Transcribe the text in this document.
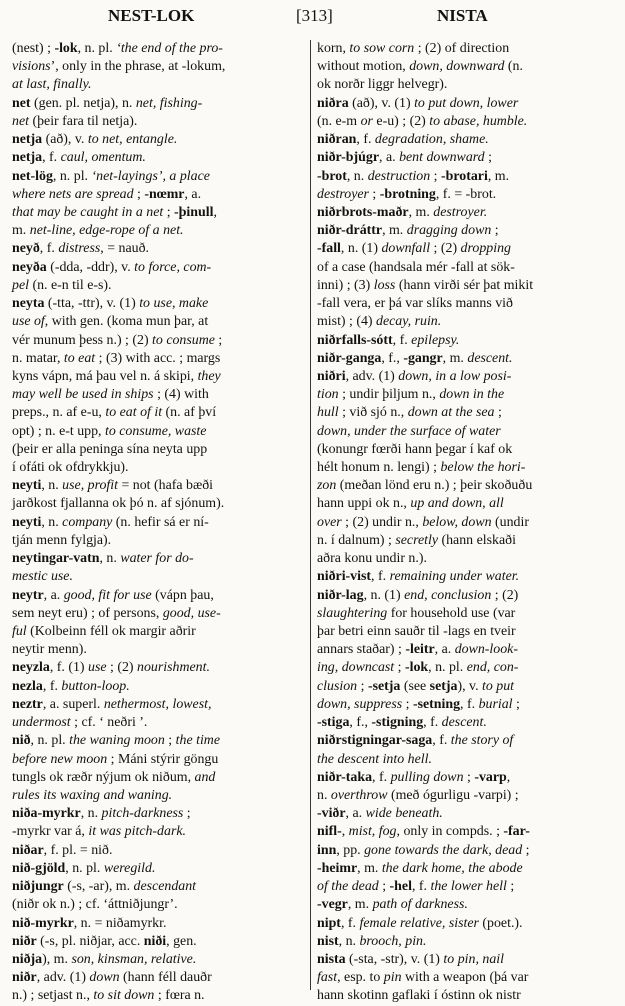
NEST-LOK	[313]	NISTA
(nest) ; -lok, n. pl. ‘the end of the pro-
visions’, only in the phrase, at -lokum,
at last, finally.
net (gen. pl. netja), n. net, fishing-
net (þeir fara til netja).
netja (að), v. to net, entangle.
netja, f. caul, omentum.
net-lög, n. pl. ‘net-layings’, a place
where nets are spread ; -nœmr, a.
that may be caught in a net ; -þinull,
m. net-line, edge-rope of a net.
neyð, f. distress, = nauð.
neyða (-dda, -ddr), v. to force, com-
pel (n. e-n til e-s).
neyta (-tta, -ttr), v. (1) to use, make
use of, with gen. (koma mun þar, at
vér munum þess n.) ; (2) to consume ;
n. matar, to eat ; (3) with acc. ; margs
kyns vápn, má þau vel n. á skipi, they
may well be used in ships ; (4) with
preps., n. af e-u, to eat of it (n. af því
opt) ; n. e-t upp, to consume, waste
(þeir er alla peninga sína neyta upp
í ofáti ok ofdrykkju).
neyti, n. use, profit = not (hafa bæði
jarðkost fjallanna ok þó n. af sjónum).
neyti, n. company (n. hefir sá er ní-
tján menn fylgja).
neytingar-vatn, n. water for do-
mestic use.
neytr, a. good, fit for use (vápn þau,
sem neyt eru) ; of persons, good, use-
ful (Kolbeinn féll ok margir aðrir
neytir menn).
neyzla, f. (1) use ; (2) nourishment.
nezla, f. button-loop.
neztr, a. superl. nethermost, lowest,
undermost ; cf. ‘ neðri ’.
nið, n. pl. the waning moon ; the time
before new moon ; Máni stýrir göngu
tungls ok ræðr nýjum ok niðum, and
rules its waxing and waning.
niða-myrkr, n. pitch-darkness ;
-myrkr var á, it was pitch-dark.
niðar, f. pl. = nið.
nið-gjöld, n. pl. weregild.
niðjungr (-s, -ar), m. descendant
(niðr ok n.) ; cf. ‘áttniðjungr’.
nið-myrkr, n. = niðamyrkr.
niðr (-s, pl. niðjar, acc. niði, gen.
niðja), m. son, kinsman, relative.
niðr, adv. (1) down (hann féll dauðr
n.) ; setjast n., to sit down ; fœra n.
korn, to sow corn ; (2) of direction
without motion, down, downward (n.
ok norðr liggr helvegr).
niðra (að), v. (1) to put down, lower
(n. e-m or e-u) ; (2) to abase, humble.
niðran, f. degradation, shame.
niðr-bjúgr, a. bent downward ;
-brot, n. destruction ; -brotari, m.
destroyer ; -brotning, f. = -brot.
niðrbrots-maðr, m. destroyer.
niðr-dráttr, m. dragging down ;
-fall, n. (1) downfall ; (2) dropping
of a case (handsala mér -fall at sök-
inni) ; (3) loss (hann virði sér þat mikit
-fall vera, er þá var slíks manns við
mist) ; (4) decay, ruin.
niðrfalls-sótt, f. epilepsy.
niðr-ganga, f., -gangr, m. descent.
niðri, adv. (1) down, in a low posi-
tion ; undir þiljum n., down in the
hull ; við sjó n., down at the sea ;
down, under the surface of water
(konungr fœrði hann þegar í kaf ok
hélt honum n. lengi) ; below the hori-
zon (meðan lönd eru n.) ; þeir skoðuðu
hann uppi ok n., up and down, all
over ; (2) undir n., below, down (undir
n. í dalnum) ; secretly (hann elskaði
aðra konu undir n.).
niðri-vist, f. remaining under water.
niðr-lag, n. (1) end, conclusion ; (2)
slaughtering for household use (var
þar betri einn sauðr til -lags en tveir
annars staðar) ; -leitr, a. down-look-
ing, downcast ; -lok, n. pl. end, con-
clusion ; -setja (see setja), v. to put
down, suppress ; -setning, f. burial ;
-stiga, f., -stigning, f. descent.
niðrstigningar-saga, f. the story of
the descent into hell.
niðr-taka, f. pulling down ; -varp,
n. overthrow (með ógurligu -varpi) ;
-viðr, a. wide beneath.
nifl-, mist, fog, only in compds. ; -far-
inn, pp. gone towards the dark, dead ;
-heimr, m. the dark home, the abode
of the dead ; -hel, f. the lower hell ;
-vegr, m. path of darkness.
nipt, f. female relative, sister (poet.).
nist, n. brooch, pin.
nista (-sta, -str), v. (1) to pin, nail
fast, esp. to pin with a weapon (þá var
hann skotinn gaflaki í óstinn ok nistr
